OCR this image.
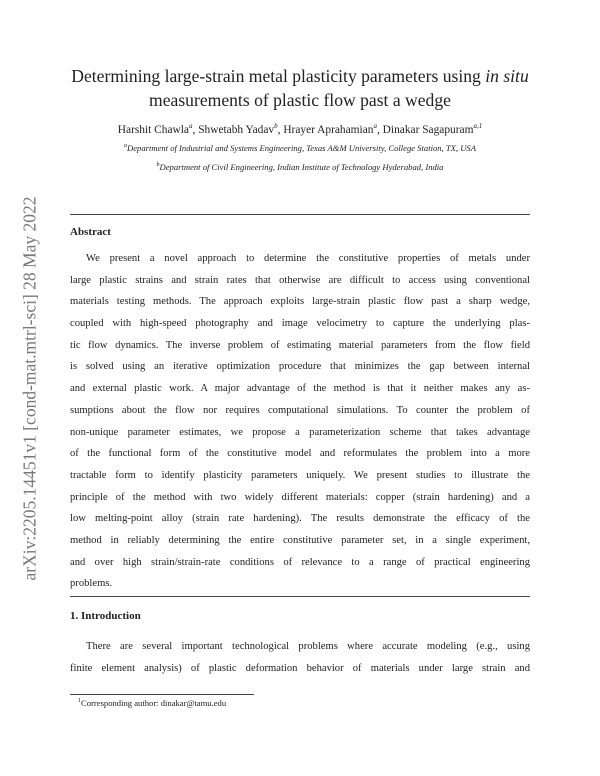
arXiv:2205.14451v1 [cond-mat.mtrl-sci] 28 May 2022
Determining large-strain metal plasticity parameters using in situ
measurements of plastic flow past a wedge
Harshit Chawla$^a$, Shwetabh Yadav$^b$, Hrayer Aprahamian$^a$, Dinakar Sagapuram$^{a,1}$
$^a$Department of Industrial and Systems Engineering, Texas A&M University, College Station, TX, USA
$^b$Department of Civil Engineering, Indian Institute of Technology Hyderabad, India
Abstract
We present a novel approach to determine the constitutive properties of metals under
large plastic strains and strain rates that otherwise are difficult to access using conventional
materials testing methods. The approach exploits large-strain plastic flow past a sharp wedge,
coupled with high-speed photography and image velocimetry to capture the underlying plas-
tic flow dynamics. The inverse problem of estimating material parameters from the flow field
is solved using an iterative optimization procedure that minimizes the gap between internal
and external plastic work. A major advantage of the method is that it neither makes any as-
sumptions about the flow nor requires computational simulations. To counter the problem of
non-unique parameter estimates, we propose a parameterization scheme that takes advantage
of the functional form of the constitutive model and reformulates the problem into a more
tractable form to identify plasticity parameters uniquely. We present studies to illustrate the
principle of the method with two widely different materials: copper (strain hardening) and a
low melting-point alloy (strain rate hardening). The results demonstrate the efficacy of the
method in reliably determining the entire constitutive parameter set, in a single experiment,
and over high strain/strain-rate conditions of relevance to a range of practical engineering
problems.
1. Introduction
There are several important technological problems where accurate modeling (e.g., using
finite element analysis) of plastic deformation behavior of materials under large strain and
$^1$Corresponding author: dinakar@tamu.edu
